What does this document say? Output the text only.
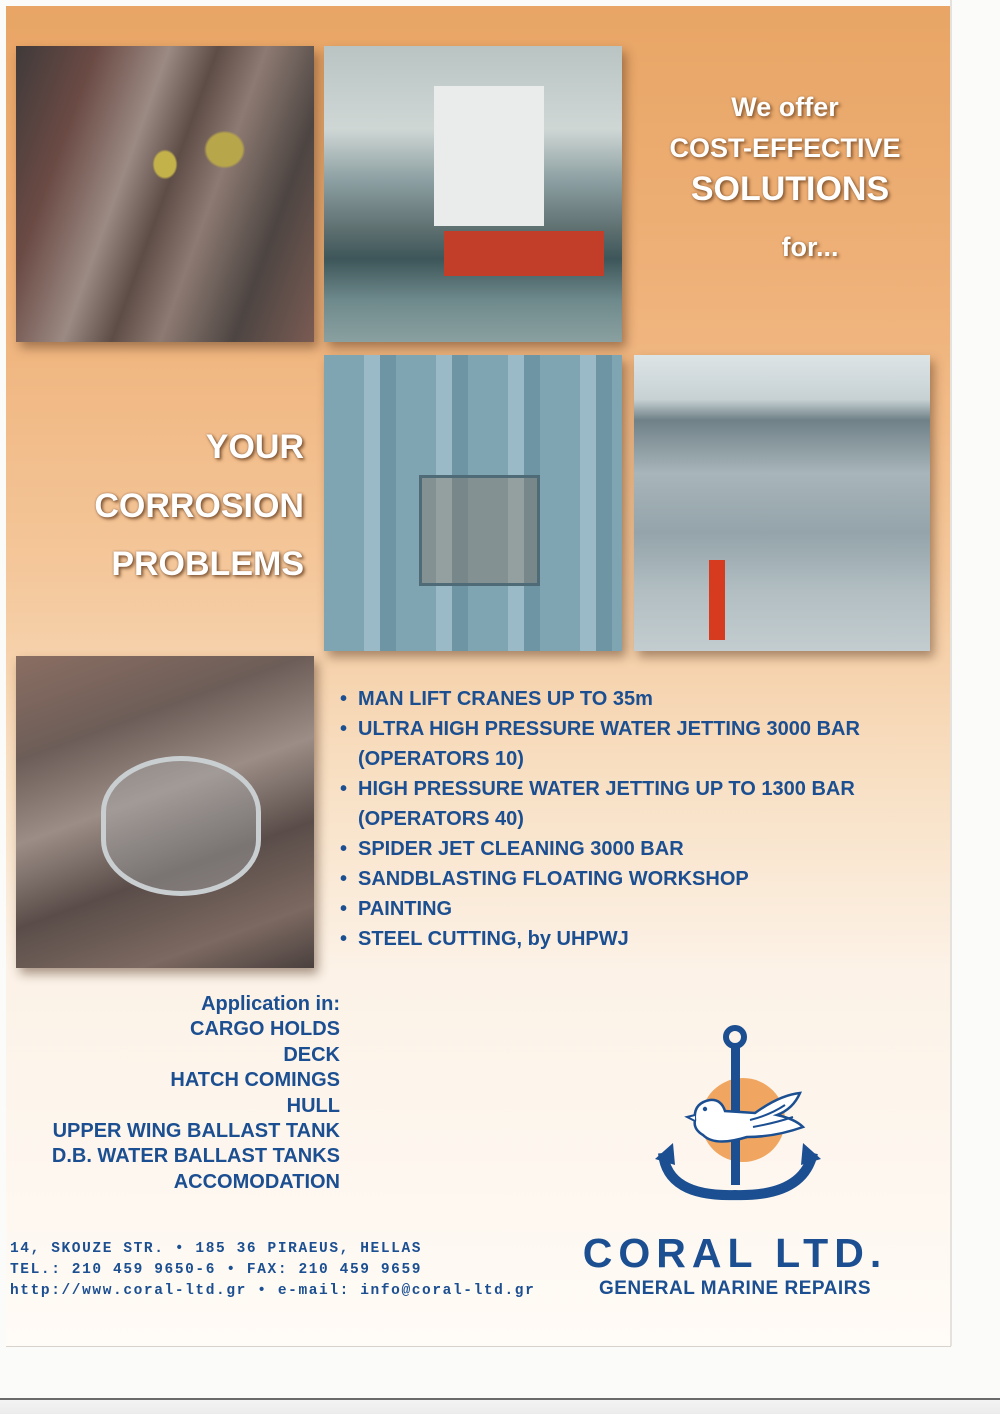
We offer
COST-EFFECTIVE
SOLUTIONS
for...
YOUR
CORROSION
PROBLEMS
• MAN LIFT CRANES UP TO 35m
• ULTRA HIGH PRESSURE WATER JETTING 3000 BAR
(OPERATORS 10)
• HIGH PRESSURE WATER JETTING UP TO 1300 BAR
(OPERATORS 40)
• SPIDER JET CLEANING 3000 BAR
• SANDBLASTING FLOATING WORKSHOP
• PAINTING
• STEEL CUTTING, by UHPWJ
Application in:
CARGO HOLDS
DECK
HATCH COMINGS
HULL
UPPER WING BALLAST TANK
D.B. WATER BALLAST TANKS
ACCOMODATION
CORAL LTD.
GENERAL MARINE REPAIRS
14, SKOUZE STR. • 185 36 PIRAEUS, HELLAS
TEL.: 210 459 9650-6 • FAX: 210 459 9659
http://www.coral-ltd.gr • e-mail: info@coral-ltd.gr
